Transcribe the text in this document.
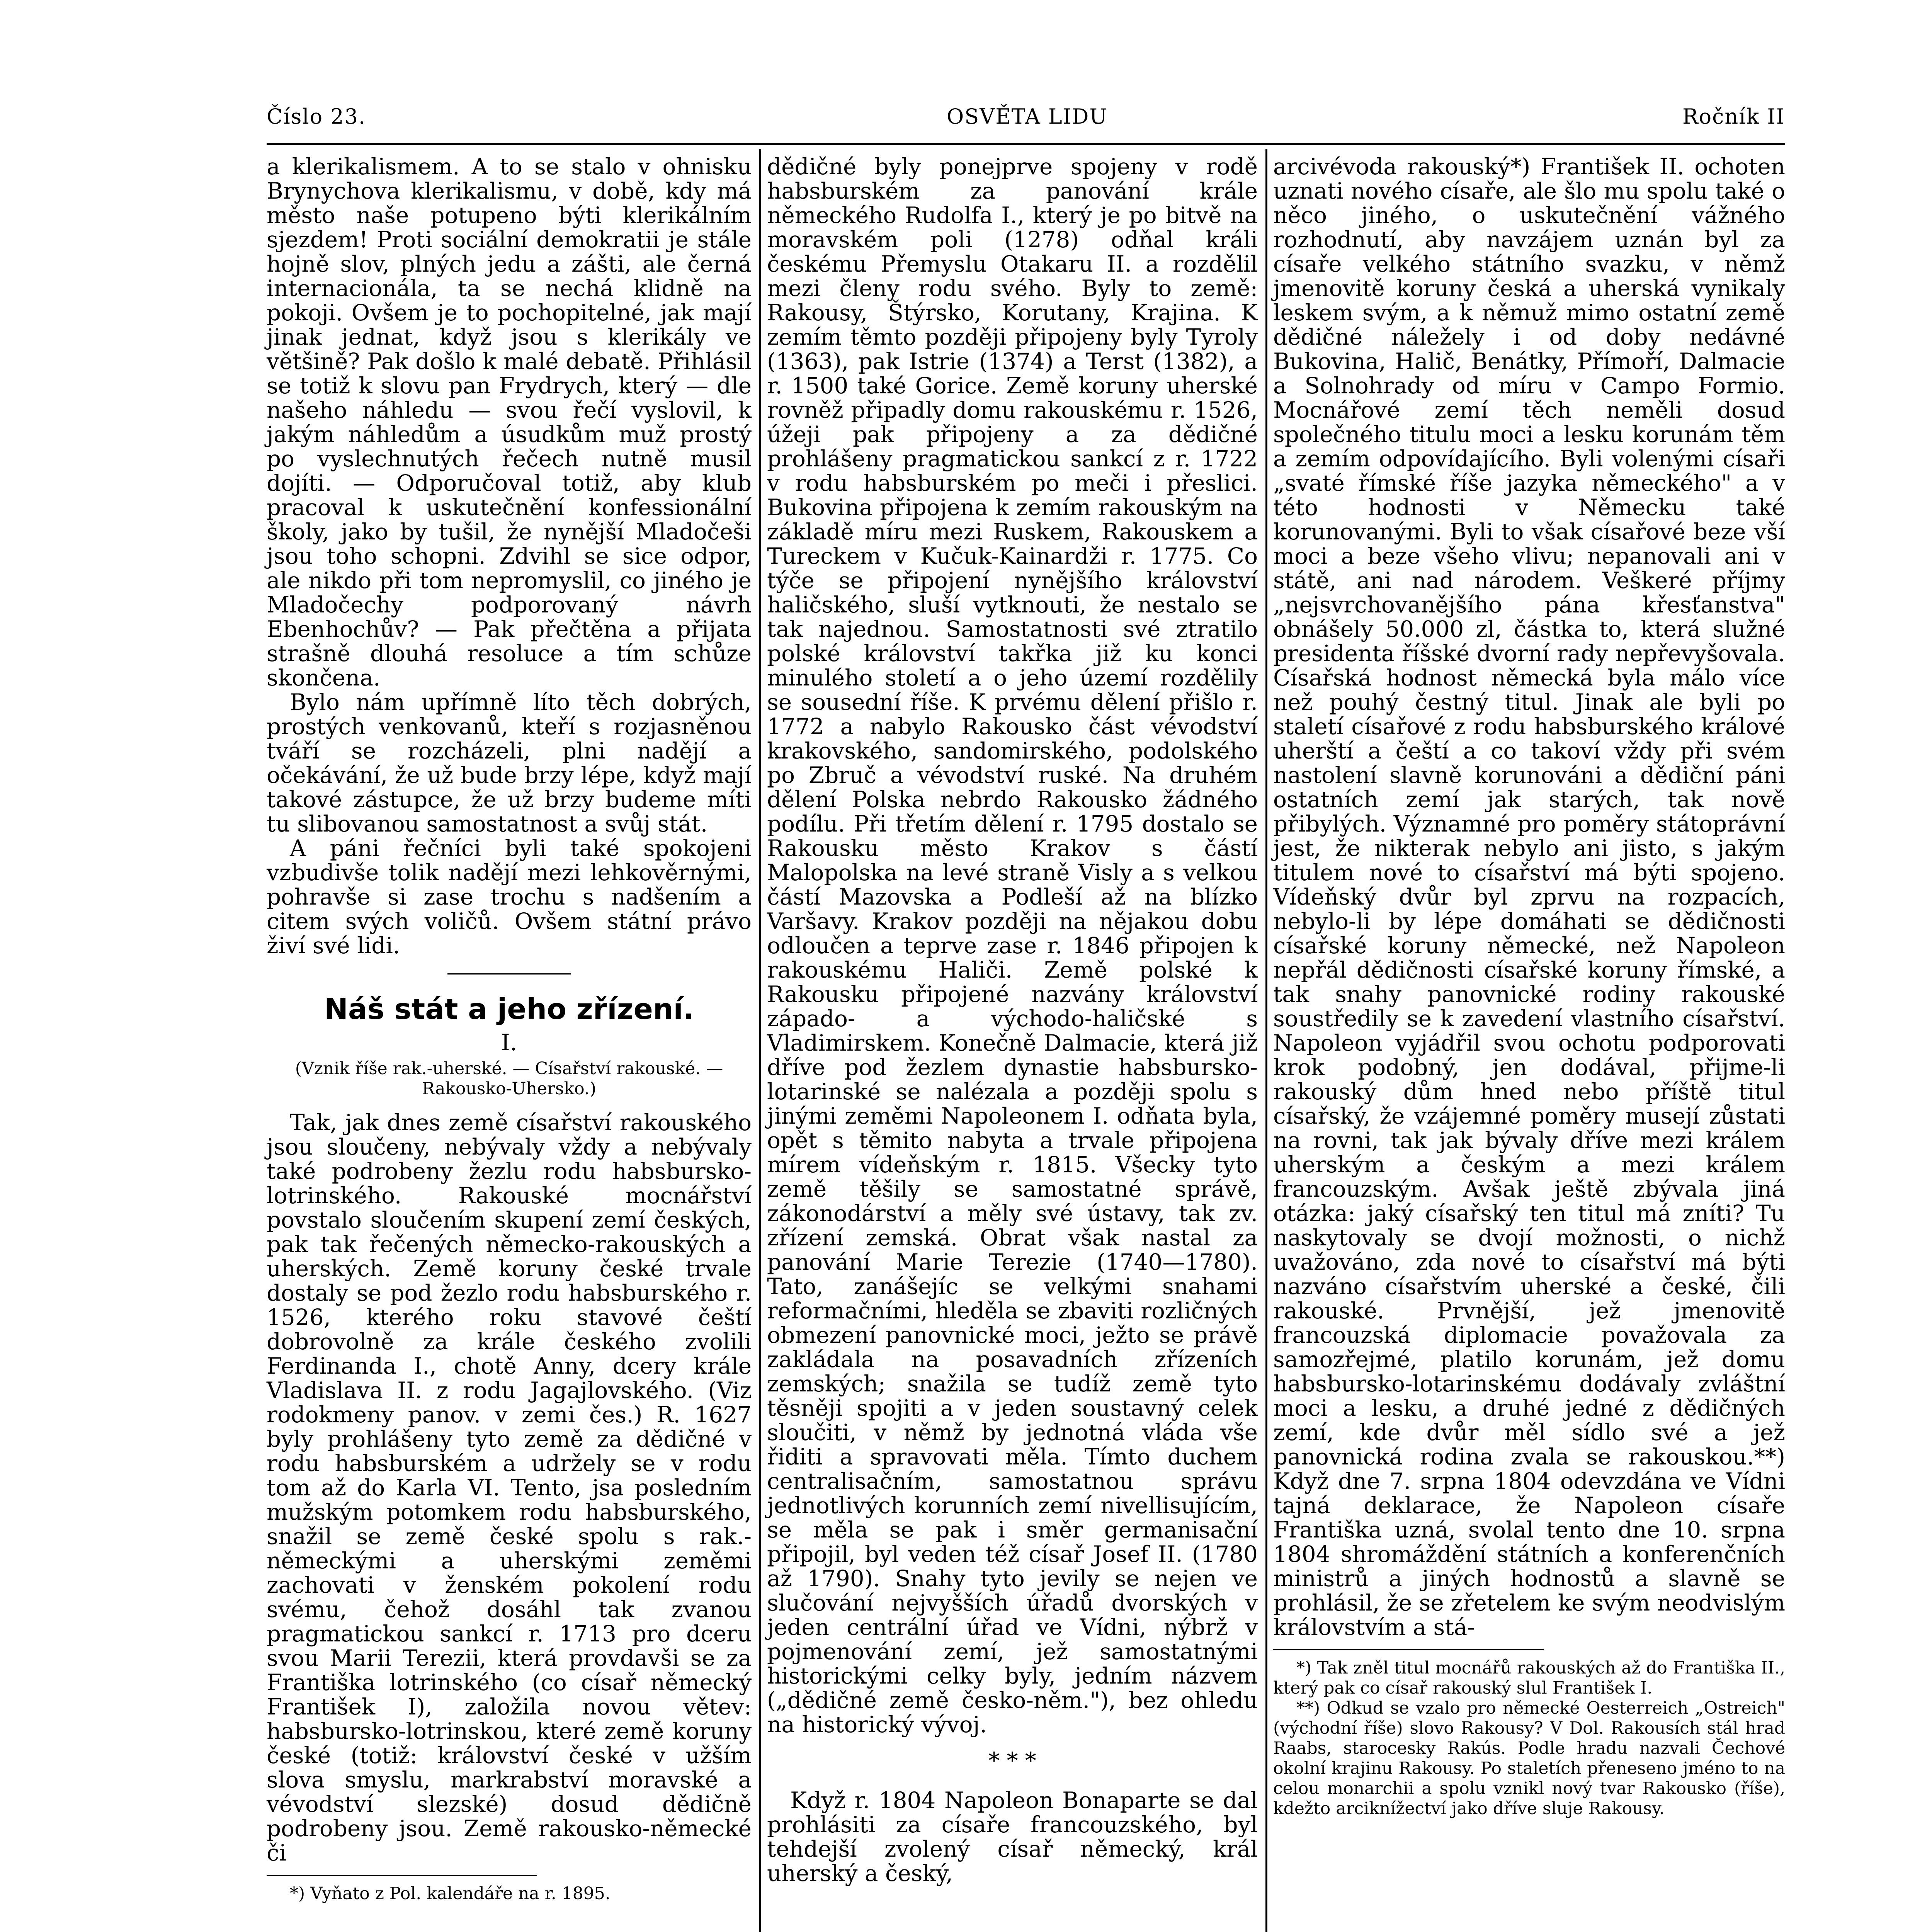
Číslo 23.	OSVĚTA LIDU	Ročník II

a klerikalismem. A to se stalo v ohnisku Brynychova klerikalismu, v době, kdy má město naše potupeno býti klerikálním sjezdem! Proti sociální demokratii je stále hojně slov, plných jedu a zášti, ale černá internacionála, ta se nechá klidně na pokoji. Ovšem je to pochopitelné, jak mají jinak jednat, když jsou s klerikály ve většině? Pak došlo k malé debatě. Přihlásil se totiž k slovu pan Frydrych, který — dle našeho náhledu — svou řečí vyslovil, k jakým náhledům a úsudkům muž prostý po vyslechnutých řečech nutně musil dojíti. — Odporučoval totiž, aby klub pracoval k uskutečnění konfessionální školy, jako by tušil, že nynější Mladočeši jsou toho schopni. Zdvihl se sice odpor, ale nikdo při tom nepromyslil, co jiného je Mladočechy podporovaný návrh Ebenhochův? — Pak přečtěna a přijata strašně dlouhá resoluce a tím schůze skončena.

Bylo nám upřímně líto těch dobrých, prostých venkovanů, kteří s rozjasněnou tváří se rozcházeli, plni nadějí a očekávání, že už bude brzy lépe, když mají takové zástupce, že už brzy budeme míti tu slibovanou samostatnost a svůj stát.

A páni řečníci byli také spokojeni vzbudivše tolik nadějí mezi lehkověrnými, pohravše si zase trochu s nadšením a citem svých voličů. Ovšem státní právo živí své lidi.

Náš stát a jeho zřízení.
I.
(Vznik říše rak.-uherské. — Císařství rakouské. — Rakousko-Uhersko.)

Tak, jak dnes země císařství rakouského jsou sloučeny, nebývaly vždy a nebývaly také podrobeny žezlu rodu habsbursko-lotrinského. Rakouské mocnářství povstalo sloučením skupení zemí českých, pak tak řečených německo-rakouských a uherských. Země koruny české trvale dostaly se pod žezlo rodu habsburského r. 1526, kterého roku stavové čeští dobrovolně za krále českého zvolili Ferdinanda I., chotě Anny, dcery krále Vladislava II. z rodu Jagajlovského. (Viz rodokmeny panov. v zemi čes.) R. 1627 byly prohlášeny tyto země za dědičné v rodu habsburském a udržely se v rodu tom až do Karla VI. Tento, jsa posledním mužským potomkem rodu habsburského, snažil se země české spolu s rak.-německými a uherskými zeměmi zachovati v ženském pokolení rodu svému, čehož dosáhl tak zvanou pragmatickou sankcí r. 1713 pro dceru svou Marii Terezii, která provdavši se za Františka lotrinského (co císař německý František I), založila novou větev: habsbursko-lotrinskou, které země koruny české (totiž: království české v užším slova smyslu, markrabství moravské a vévodství slezské) dosud dědičně podrobeny jsou. Země rakousko-německé či

*) Vyňato z Pol. kalendáře na r. 1895.

dědičné byly ponejprve spojeny v rodě habsburském za panování krále německého Rudolfa I., který je po bitvě na moravském poli (1278) odňal králi českému Přemyslu Otakaru II. a rozdělil mezi členy rodu svého. Byly to země: Rakousy, Štýrsko, Korutany, Krajina. K zemím těmto později připojeny byly Tyroly (1363), pak Istrie (1374) a Terst (1382), a r. 1500 také Gorice. Země koruny uherské rovněž připadly domu rakouskému r. 1526, úžeji pak připojeny a za dědičné prohlášeny pragmatickou sankcí z r. 1722 v rodu habsburském po meči i přeslici. Bukovina připojena k zemím rakouským na základě míru mezi Ruskem, Rakouskem a Tureckem v Kučuk-Kainardži r. 1775. Co týče se připojení nynějšího království haličského, sluší vytknouti, že nestalo se tak najednou. Samostatnosti své ztratilo polské království takřka již ku konci minulého století a o jeho území rozdělily se sousední říše. K prvému dělení přišlo r. 1772 a nabylo Rakousko část vévodství krakovského, sandomirského, podolského po Zbruč a vévodství ruské. Na druhém dělení Polska nebrdo Rakousko žádného podílu. Při třetím dělení r. 1795 dostalo se Rakousku město Krakov s částí Malopolska na levé straně Visly a s velkou částí Mazovska a Podleší až na blízko Varšavy. Krakov později na nějakou dobu odloučen a teprve zase r. 1846 připojen k rakouskému Haliči. Země polské k Rakousku připojené nazvány království západo- a východo-haličské s Vladimirskem. Konečně Dalmacie, která již dříve pod žezlem dynastie habsbursko-lotarinské se nalézala a později spolu s jinými zeměmi Napoleonem I. odňata byla, opět s těmito nabyta a trvale připojena mírem vídeňským r. 1815. Všecky tyto země těšily se samostatné správě, zákonodárství a měly své ústavy, tak zv. zřízení zemská. Obrat však nastal za panování Marie Terezie (1740—1780). Tato, zanášejíc se velkými snahami reformačními, hleděla se zbaviti rozličných obmezení panovnické moci, ježto se právě zakládala na posavadních zřízeních zemských; snažila se tudíž země tyto těsněji spojiti a v jeden soustavný celek sloučiti, v němž by jednotná vláda vše řiditi a spravovati měla. Tímto duchem centralisačním, samostatnou správu jednotlivých korunních zemí nivellisujícím, se měla se pak i směr germanisační připojil, byl veden též císař Josef II. (1780 až 1790). Snahy tyto jevily se nejen ve slučování nejvyšších úřadů dvorských v jeden centrální úřad ve Vídni, nýbrž v pojmenování zemí, jež samostatnými historickými celky byly, jedním názvem („dědičné země česko-něm."), bez ohledu na historický vývoj.

* * *

Když r. 1804 Napoleon Bonaparte se dal prohlásiti za císaře francouzského, byl tehdejší zvolený císař německý, král uherský a český,

arcivévoda rakouský*) František II. ochoten uznati nového císaře, ale šlo mu spolu také o něco jiného, o uskutečnění vážného rozhodnutí, aby navzájem uznán byl za císaře velkého státního svazku, v němž jmenovitě koruny česká a uherská vynikaly leskem svým, a k němuž mimo ostatní země dědičné náležely i od doby nedávné Bukovina, Halič, Benátky, Přímoří, Dalmacie a Solnohrady od míru v Campo Formio. Mocnářové zemí těch neměli dosud společného titulu moci a lesku korunám těm a zemím odpovídajícího. Byli volenými císaři „svaté římské říše jazyka německého" a v této hodnosti v Německu také korunovanými. Byli to však císařové beze vší moci a beze všeho vlivu; nepanovali ani v státě, ani nad národem. Veškeré příjmy „nejsvrchovanějšího pána křesťanstva" obnášely 50.000 zl, částka to, která služné presidenta říšské dvorní rady nepřevyšovala. Císařská hodnost německá byla málo více než pouhý čestný titul. Jinak ale byli po staletí císařové z rodu habsburského králové uherští a čeští a co takoví vždy při svém nastolení slavně korunováni a dědiční páni ostatních zemí jak starých, tak nově přibylých. Významné pro poměry státoprávní jest, že nikterak nebylo ani jisto, s jakým titulem nové to císařství má býti spojeno. Vídeňský dvůr byl zprvu na rozpacích, nebylo-li by lépe domáhati se dědičnosti císařské koruny německé, než Napoleon nepřál dědičnosti císařské koruny římské, a tak snahy panovnické rodiny rakouské soustředily se k zavedení vlastního císařství. Napoleon vyjádřil svou ochotu podporovati krok podobný, jen dodával, přijme-li rakouský dům hned nebo příště titul císařský, že vzájemné poměry musejí zůstati na rovni, tak jak bývaly dříve mezi králem uherským a českým a mezi králem francouzským. Avšak ještě zbývala jiná otázka: jaký císařský ten titul má zníti? Tu naskytovaly se dvojí možnosti, o nichž uvažováno, zda nové to císařství má býti nazváno císařstvím uherské a české, čili rakouské. Prvnější, jež jmenovitě francouzská diplomacie považovala za samozřejmé, platilo korunám, jež domu habsbursko-lotarinskému dodávaly zvláštní moci a lesku, a druhé jedné z dědičných zemí, kde dvůr měl sídlo své a jež panovnická rodina zvala se rakouskou.**) Když dne 7. srpna 1804 odevzdána ve Vídni tajná deklarace, že Napoleon císaře Františka uzná, svolal tento dne 10. srpna 1804 shromáždění státních a konferenčních ministrů a jiných hodnostů a slavně se prohlásil, že se zřetelem ke svým neodvislým královstvím a stá-

*) Tak zněl titul mocnářů rakouských až do Františka II., který pak co císař rakouský slul František I.
**) Odkud se vzalo pro německé Oesterreich „Ostreich" (východní říše) slovo Rakousy? V Dol. Rakousích stál hrad Raabs, starocesky Rakús. Podle hradu nazvali Čechové okolní krajinu Rakousy. Po staletích přeneseno jméno to na celou monarchii a spolu vznikl nový tvar Rakousko (říše), kdežto arciknížectví jako dříve sluje Rakousy.
